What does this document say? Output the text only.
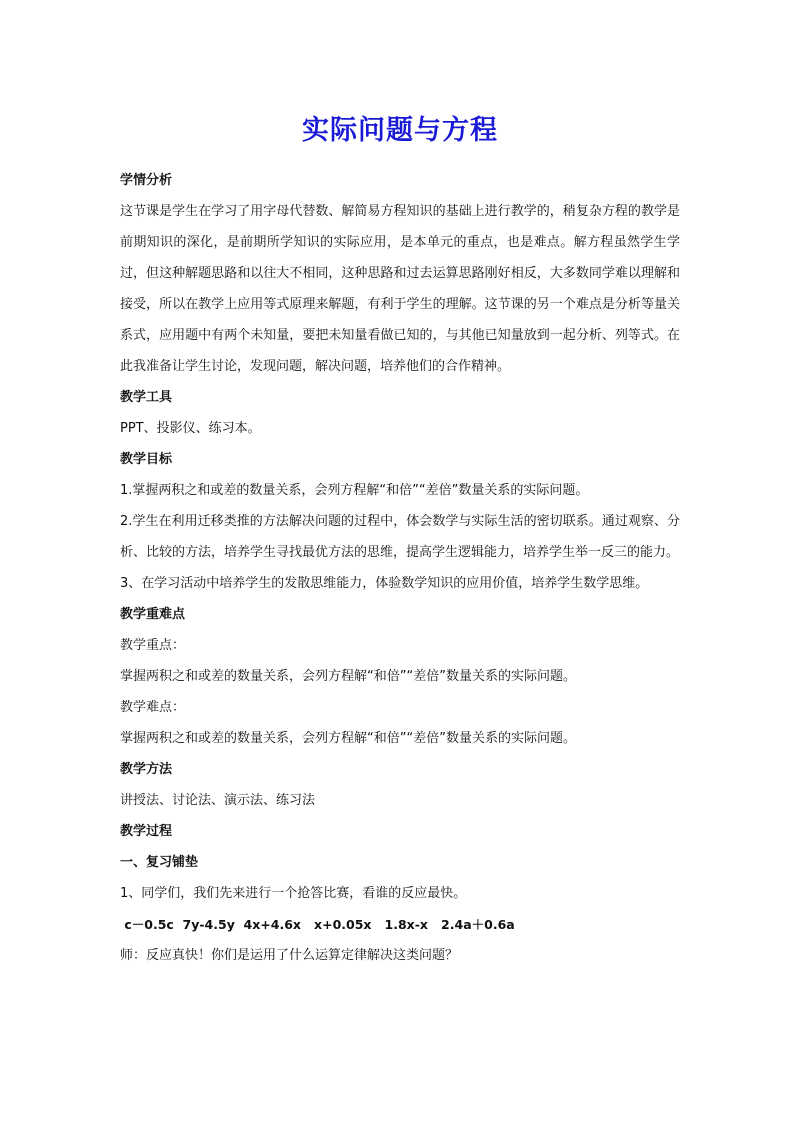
实际问题与方程

学情分析

这节课是学生在学习了用字母代替数、解简易方程知识的基础上进行教学的，稍复杂方程的教学是前期知识的深化，是前期所学知识的实际应用，是本单元的重点，也是难点。解方程虽然学生学过，但这种解题思路和以往大不相同，这种思路和过去运算思路刚好相反，大多数同学难以理解和接受，所以在教学上应用等式原理来解题，有利于学生的理解。这节课的另一个难点是分析等量关系式，应用题中有两个未知量，要把未知量看做已知的，与其他已知量放到一起分析、列等式。在此我准备让学生讨论，发现问题，解决问题，培养他们的合作精神。

教学工具

PPT、投影仪、练习本。

教学目标

1.掌握两积之和或差的数量关系，会列方程解“和倍”“差倍”数量关系的实际问题。

2.学生在利用迁移类推的方法解决问题的过程中，体会数学与实际生活的密切联系。通过观察、分析、比较的方法，培养学生寻找最优方法的思维，提高学生逻辑能力，培养学生举一反三的能力。

3、在学习活动中培养学生的发散思维能力，体验数学知识的应用价值，培养学生数学思维。

教学重难点

教学重点：

掌握两积之和或差的数量关系，会列方程解“和倍”“差倍”数量关系的实际问题。

教学难点：

掌握两积之和或差的数量关系，会列方程解“和倍”“差倍”数量关系的实际问题。

教学方法

讲授法、讨论法、演示法、练习法

教学过程

一、复习铺垫

1、同学们，我们先来进行一个抢答比赛，看谁的反应最快。

c－0.5c  7y-4.5y  4x+4.6x   x+0.05x   1.8x-x   2.4a＋0.6a

师：反应真快！你们是运用了什么运算定律解决这类问题？
